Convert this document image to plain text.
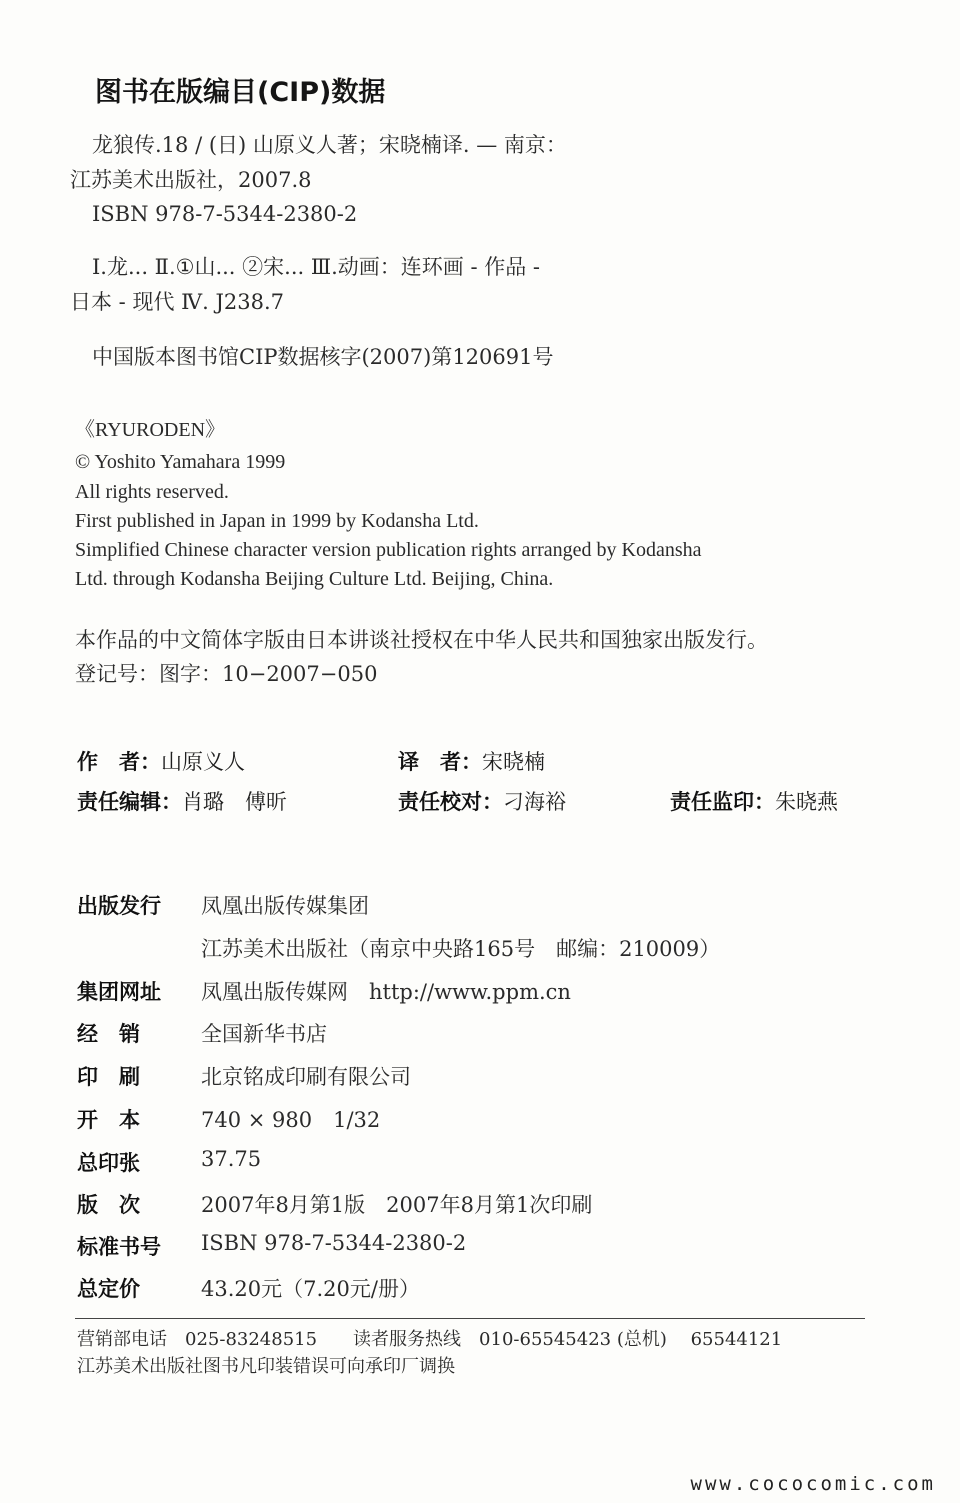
图书在版编目(CIP)数据
龙狼传.18 / (日) 山原义人著；宋晓楠译. — 南京：
江苏美术出版社，2007.8
ISBN 978-7-5344-2380-2
Ⅰ.龙... Ⅱ.①山... ②宋... Ⅲ.动画：连环画 - 作品 -
日本 - 现代 Ⅳ. J238.7
中国版本图书馆CIP数据核字(2007)第120691号
《RYURODEN》
© Yoshito Yamahara 1999
All rights reserved.
First published in Japan in 1999 by Kodansha Ltd.
Simplified Chinese character version publication rights arranged by Kodansha
Ltd. through Kodansha Beijing Culture Ltd. Beijing, China.
本作品的中文简体字版由日本讲谈社授权在中华人民共和国独家出版发行。
登记号：图字：10−2007−050
作　者：山原义人	译　者：宋晓楠
责任编辑：肖璐　傅昕	责任校对：刁海裕	责任监印：朱晓燕
出版发行	凤凰出版传媒集团
江苏美术出版社（南京中央路165号　邮编：210009）
集团网址	凤凰出版传媒网　http://www.ppm.cn
经　销	全国新华书店
印　刷	北京铭成印刷有限公司
开　本	740 × 980　1/32
总印张	37.75
版　次	2007年8月第1版　2007年8月第1次印刷
标准书号	ISBN 978-7-5344-2380-2
总定价	43.20元（7.20元/册）
营销部电话　025-83248515　　读者服务热线　010-65545423 (总机)　 65544121
江苏美术出版社图书凡印装错误可向承印厂调换
www.cococomic.com
